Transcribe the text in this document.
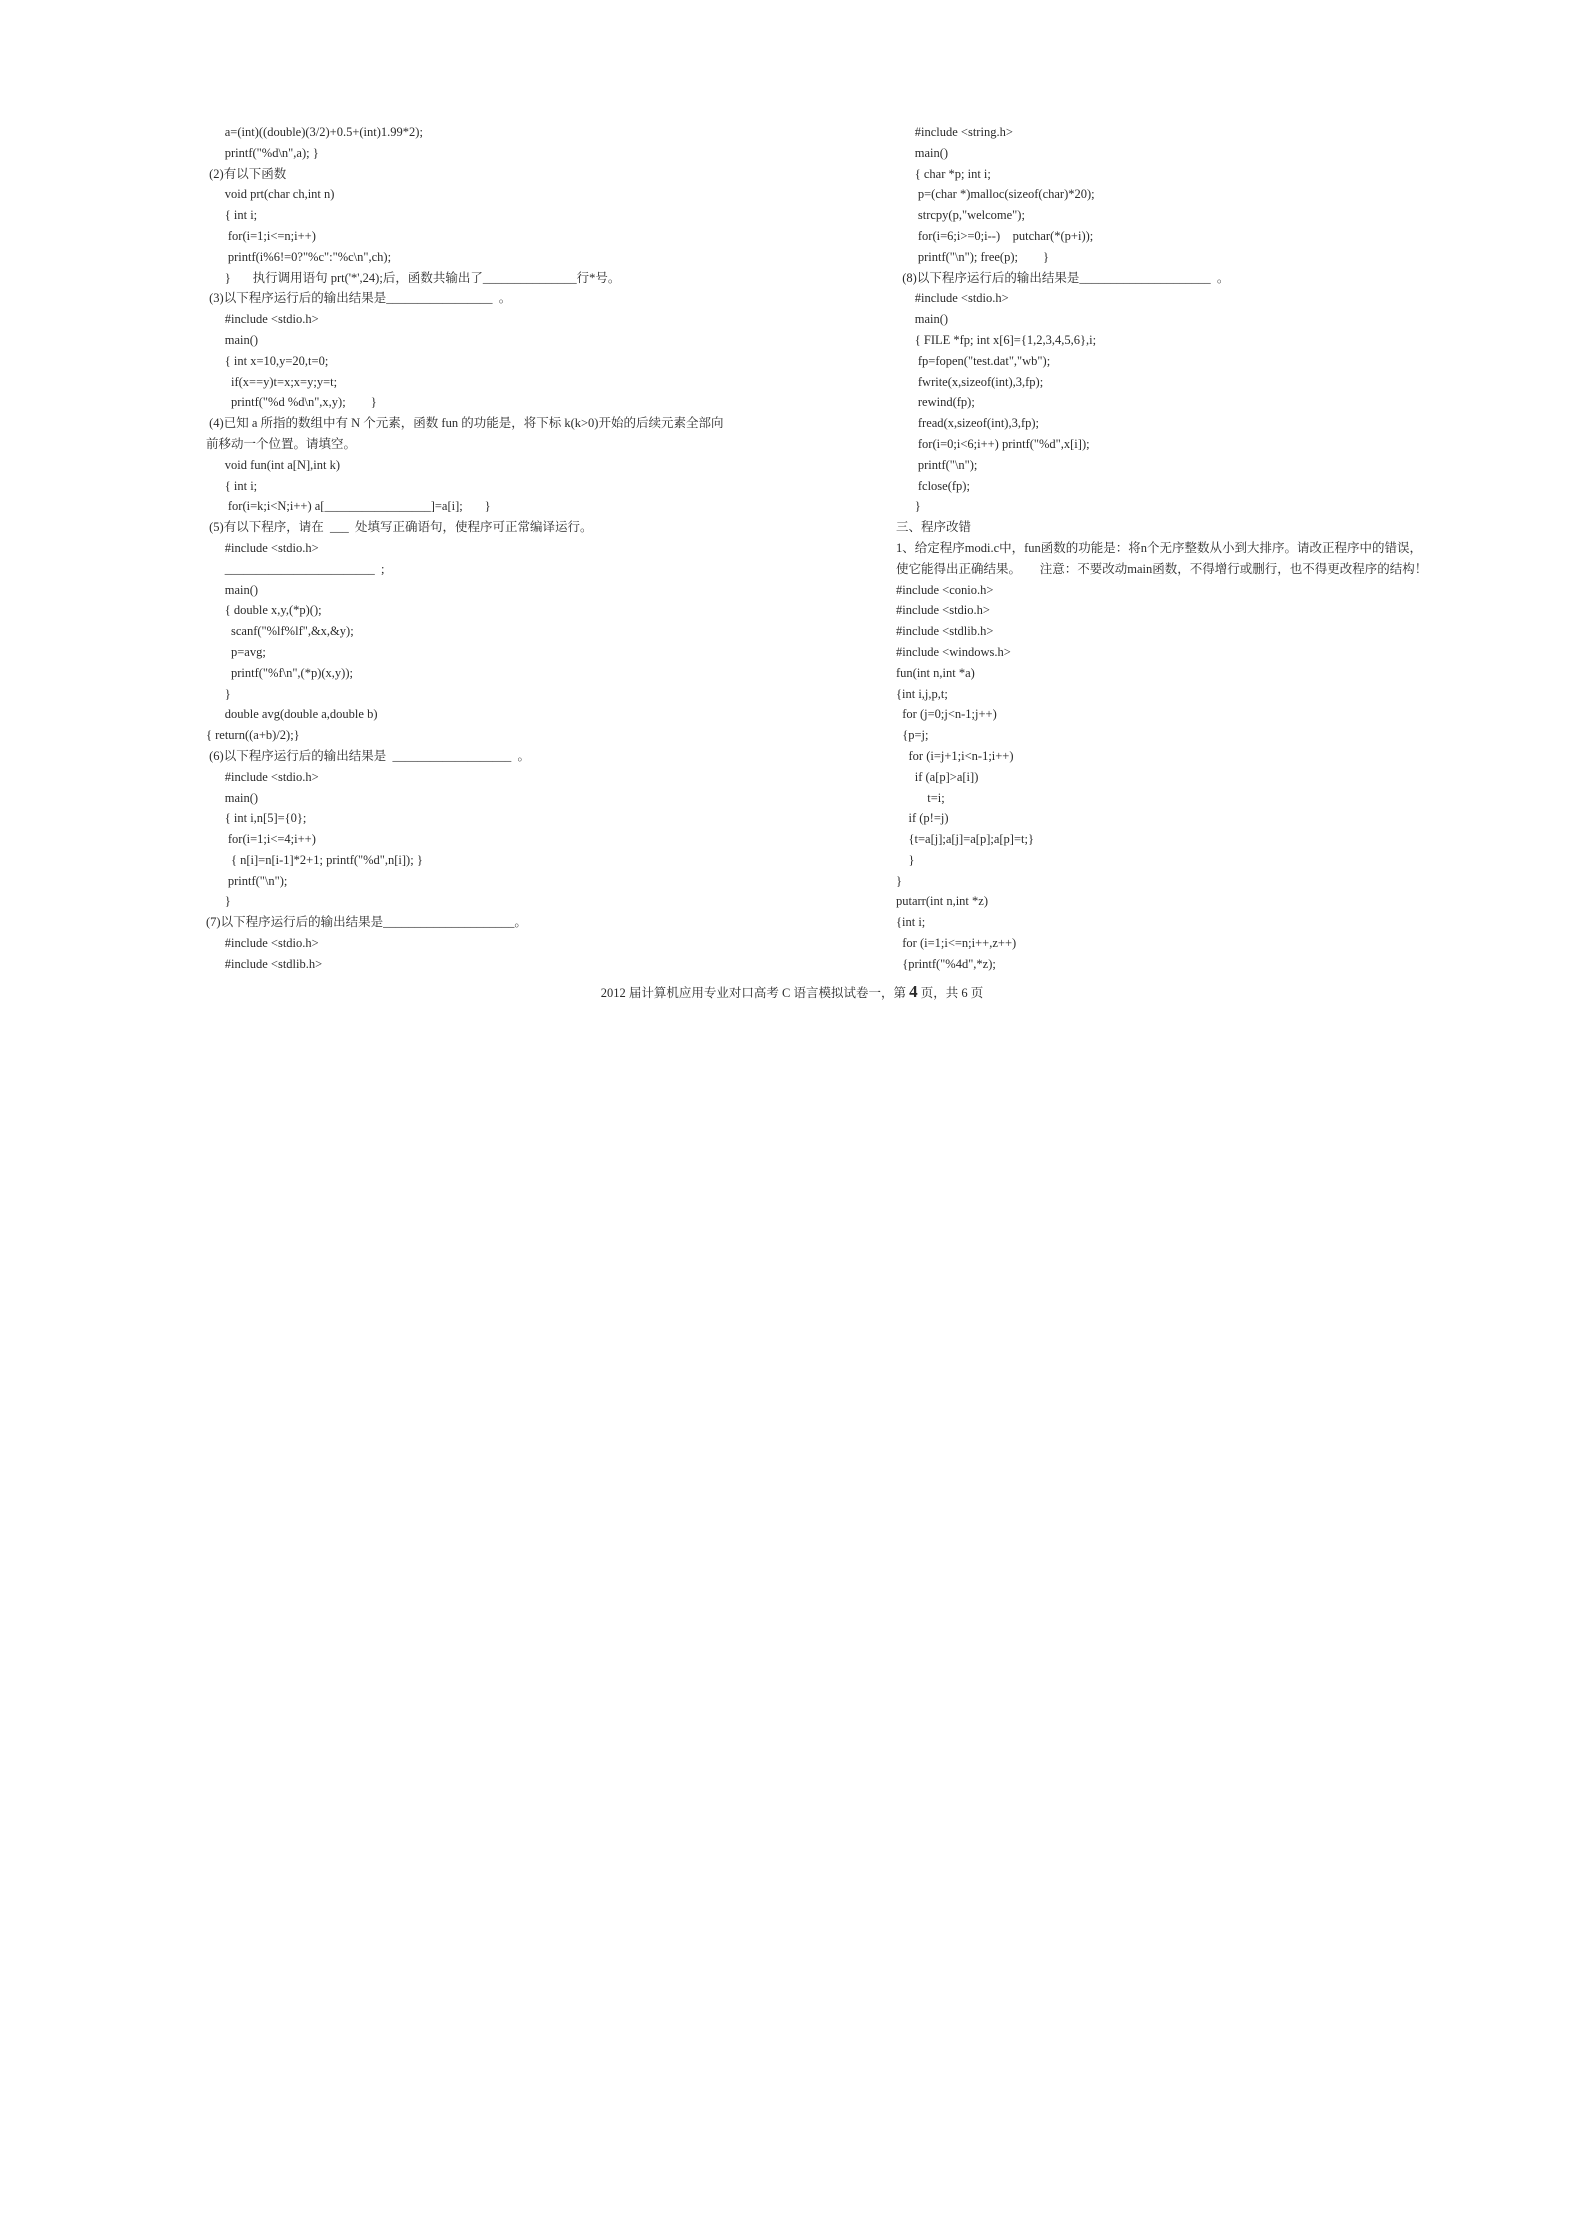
a=(int)((double)(3/2)+0.5+(int)1.99*2);
printf("%d\n",a); }
(2)有以下函数
void prt(char ch,int n)
{ int i;
for(i=1;i<=n;i++)
printf(i%6!=0?"%c":"%c\n",ch);
}       执行调用语句 prt('*',24);后，函数共输出了_______________行*号。
(3)以下程序运行后的输出结果是_________________  。
#include <stdio.h>
main()
{ int x=10,y=20,t=0;
if(x==y)t=x;x=y;y=t;
printf("%d %d\n",x,y);        }
(4)已知 a 所指的数组中有 N 个元素，函数 fun 的功能是，将下标 k(k>0)开始的后续元素全部向
前移动一个位置。请填空。
void fun(int a[N],int k)
{ int i;
for(i=k;i<N;i++) a[_________________]=a[i];       }
(5)有以下程序，请在  ___  处填写正确语句，使程序可正常编译运行。
#include <stdio.h>
________________________  ;
main()
{ double x,y,(*p)();
scanf("%lf%lf",&x,&y);
p=avg;
printf("%f\n",(*p)(x,y));
}
double avg(double a,double b)
{ return((a+b)/2);}
(6)以下程序运行后的输出结果是  ___________________  。
#include <stdio.h>
main()
{ int i,n[5]={0};
for(i=1;i<=4;i++)
{ n[i]=n[i-1]*2+1; printf("%d",n[i]); }
printf("\n");
}
(7)以下程序运行后的输出结果是_____________________。
#include <stdio.h>
#include <stdlib.h>
#include <string.h>
main()
{ char *p; int i;
p=(char *)malloc(sizeof(char)*20);
strcpy(p,"welcome");
for(i=6;i>=0;i--)    putchar(*(p+i));
printf("\n"); free(p);        }
(8)以下程序运行后的输出结果是_____________________  。
#include <stdio.h>
main()
{ FILE *fp; int x[6]={1,2,3,4,5,6},i;
fp=fopen("test.dat","wb");
fwrite(x,sizeof(int),3,fp);
rewind(fp);
fread(x,sizeof(int),3,fp);
for(i=0;i<6;i++) printf("%d",x[i]);
printf("\n");
fclose(fp);
}
三、程序改错
1、给定程序modi.c中，fun函数的功能是：将n个无序整数从小到大排序。请改正程序中的错误，
使它能得出正确结果。      注意：不要改动main函数，不得增行或删行，也不得更改程序的结构！
#include <conio.h>
#include <stdio.h>
#include <stdlib.h>
#include <windows.h>
fun(int n,int *a)
{int i,j,p,t;
for (j=0;j<n-1;j++)
{p=j;
for (i=j+1;i<n-1;i++)
if (a[p]>a[i])
t=i;
if (p!=j)
{t=a[j];a[j]=a[p];a[p]=t;}
}
}
putarr(int n,int *z)
{int i;
for (i=1;i<=n;i++,z++)
{printf("%4d",*z);
2012 届计算机应用专业对口高考 C 语言模拟试卷一，第 4 页，共 6 页
